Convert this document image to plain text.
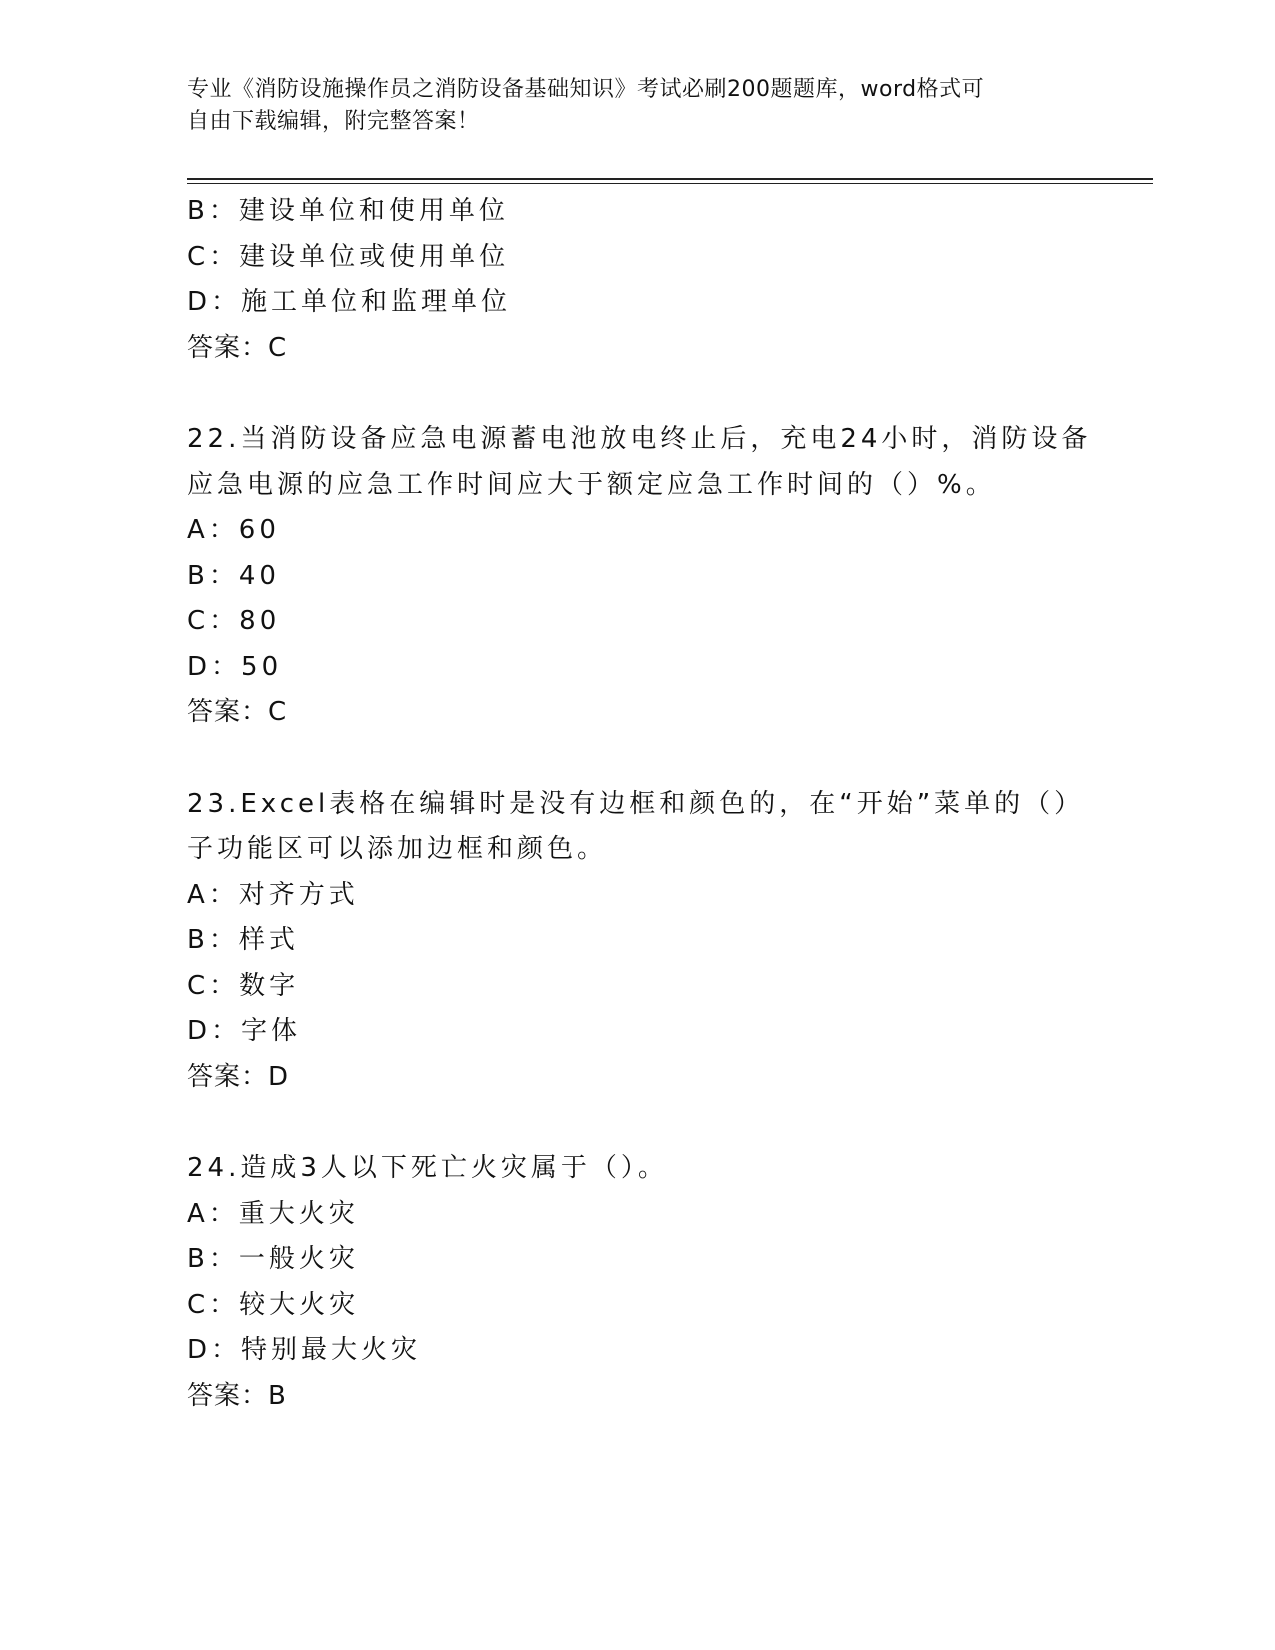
专业《消防设施操作员之消防设备基础知识》考试必刷200题题库，word格式可
自由下载编辑，附完整答案！
B：建设单位和使用单位
C：建设单位或使用单位
D：施工单位和监理单位
答案：C
22.当消防设备应急电源蓄电池放电终止后，充电24小时，消防设备
应急电源的应急工作时间应大于额定应急工作时间的（）%。
A：60
B：40
C：80
D：50
答案：C
23.Excel表格在编辑时是没有边框和颜色的，在“开始”菜单的（）
子功能区可以添加边框和颜色。
A：对齐方式
B：样式
C：数字
D：字体
答案：D
24.造成3人以下死亡火灾属于（）。
A：重大火灾
B：一般火灾
C：较大火灾
D：特别最大火灾
答案：B
